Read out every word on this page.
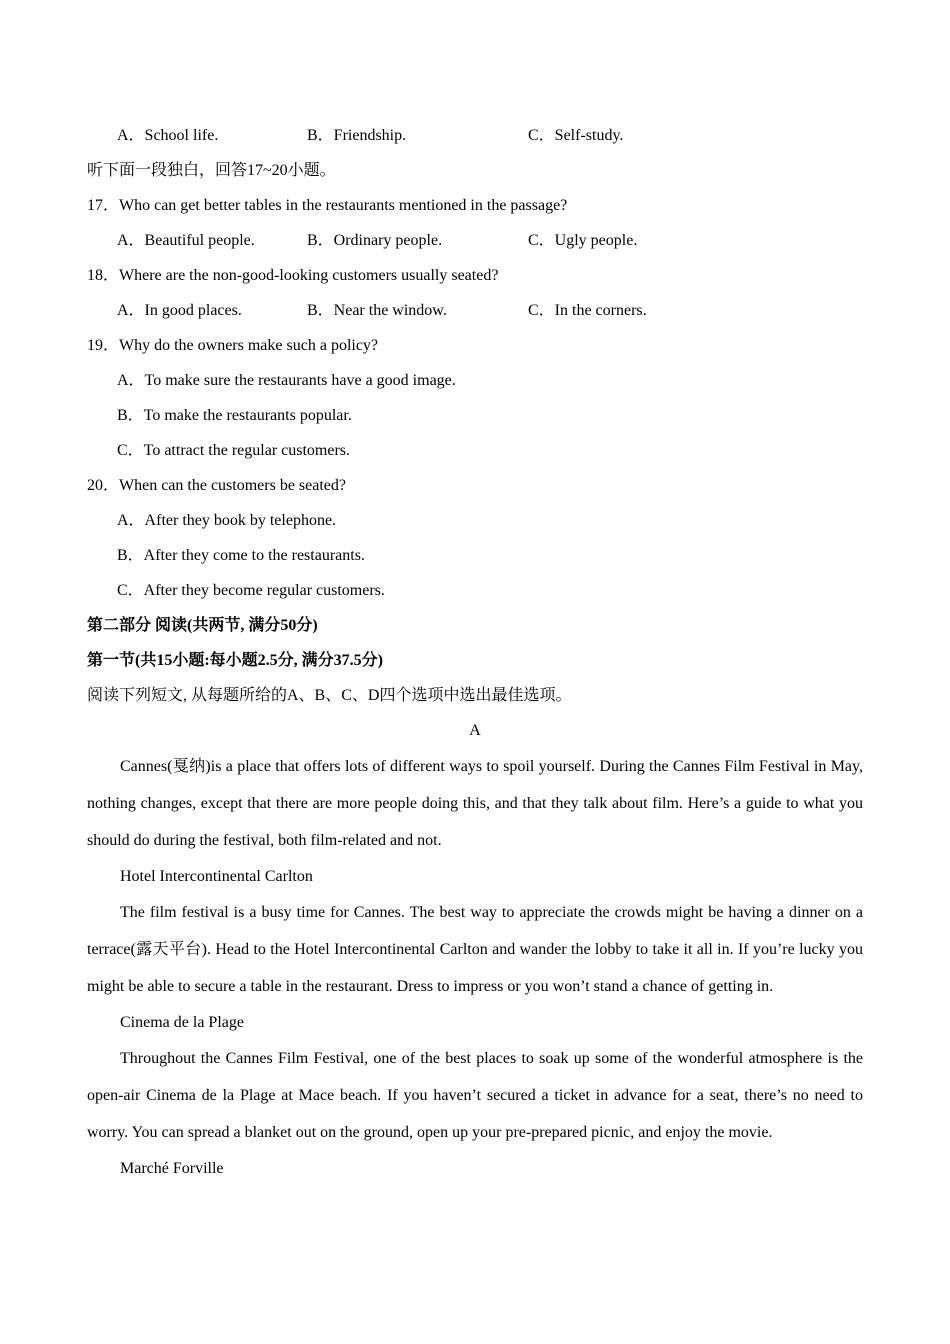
A．School life.	B．Friendship.	C．Self-study.
听下面一段独白，回答17~20小题。
17．Who can get better tables in the restaurants mentioned in the passage?
A．Beautiful people.	B．Ordinary people.	C．Ugly people.
18．Where are the non-good-looking customers usually seated?
A．In good places.	B．Near the window.	C．In the corners.
19．Why do the owners make such a policy?
A．To make sure the restaurants have a good image.
B．To make the restaurants popular.
C．To attract the regular customers.
20．When can the customers be seated?
A．After they book by telephone.
B．After they come to the restaurants.
C．After they become regular customers.
第二部分 阅读(共两节, 满分50分)
第一节(共15小题:每小题2.5分, 满分37.5分)
阅读下列短文, 从每题所给的A、B、C、D四个选项中选出最佳选项。
A

Cannes(戛纳)is a place that offers lots of different ways to spoil yourself. During the Cannes Film Festival in May, nothing changes, except that there are more people doing this, and that they talk about film. Here’s a guide to what you should do during the festival, both film-related and not.

Hotel Intercontinental Carlton

The film festival is a busy time for Cannes. The best way to appreciate the crowds might be having a dinner on a terrace(露天平台). Head to the Hotel Intercontinental Carlton and wander the lobby to take it all in. If you’re lucky you might be able to secure a table in the restaurant. Dress to impress or you won’t stand a chance of getting in.

Cinema de la Plage

Throughout the Cannes Film Festival, one of the best places to soak up some of the wonderful atmosphere is the open-air Cinema de la Plage at Mace beach. If you haven’t secured a ticket in advance for a seat, there’s no need to worry. You can spread a blanket out on the ground, open up your pre-prepared picnic, and enjoy the movie.

Marché Forville
